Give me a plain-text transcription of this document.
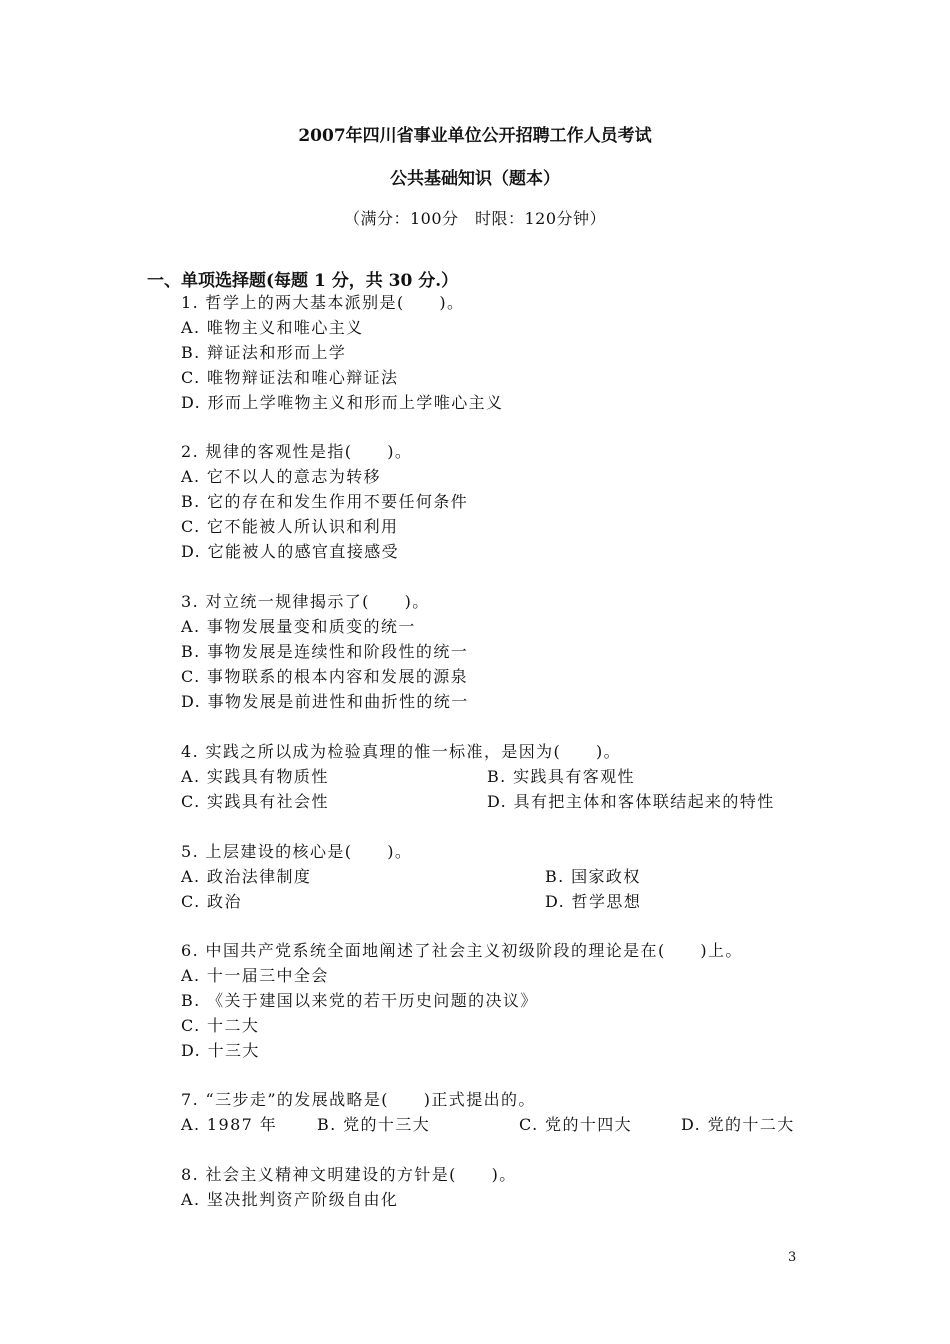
2007年四川省事业单位公开招聘工作人员考试

公共基础知识（题本）

（满分：100分　时限：120分钟）

一、单项选择题(每题 1 分，共 30 分.）

1. 哲学上的两大基本派别是(　　)。
A. 唯物主义和唯心主义
B. 辩证法和形而上学
C. 唯物辩证法和唯心辩证法
D. 形而上学唯物主义和形而上学唯心主义
2. 规律的客观性是指(　　)。
A. 它不以人的意志为转移
B. 它的存在和发生作用不要任何条件
C. 它不能被人所认识和利用
D. 它能被人的感官直接感受
3. 对立统一规律揭示了(　　)。
A. 事物发展量变和质变的统一
B. 事物发展是连续性和阶段性的统一
C. 事物联系的根本内容和发展的源泉
D. 事物发展是前进性和曲折性的统一
4. 实践之所以成为检验真理的惟一标准，是因为(　　)。
A. 实践具有物质性	B. 实践具有客观性
C. 实践具有社会性	D. 具有把主体和客体联结起来的特性
5. 上层建设的核心是(　　)。
A. 政治法律制度	B. 国家政权
C. 政治	D. 哲学思想
6. 中国共产党系统全面地阐述了社会主义初级阶段的理论是在(　　)上。
A. 十一届三中全会
B. 《关于建国以来党的若干历史问题的决议》
C. 十二大
D. 十三大
7. “三步走”的发展战略是(　　)正式提出的。
A. 1987 年 B. 党的十三大	C. 党的十四大	D. 党的十二大
8. 社会主义精神文明建设的方针是(　　)。
A. 坚决批判资产阶级自由化
3
